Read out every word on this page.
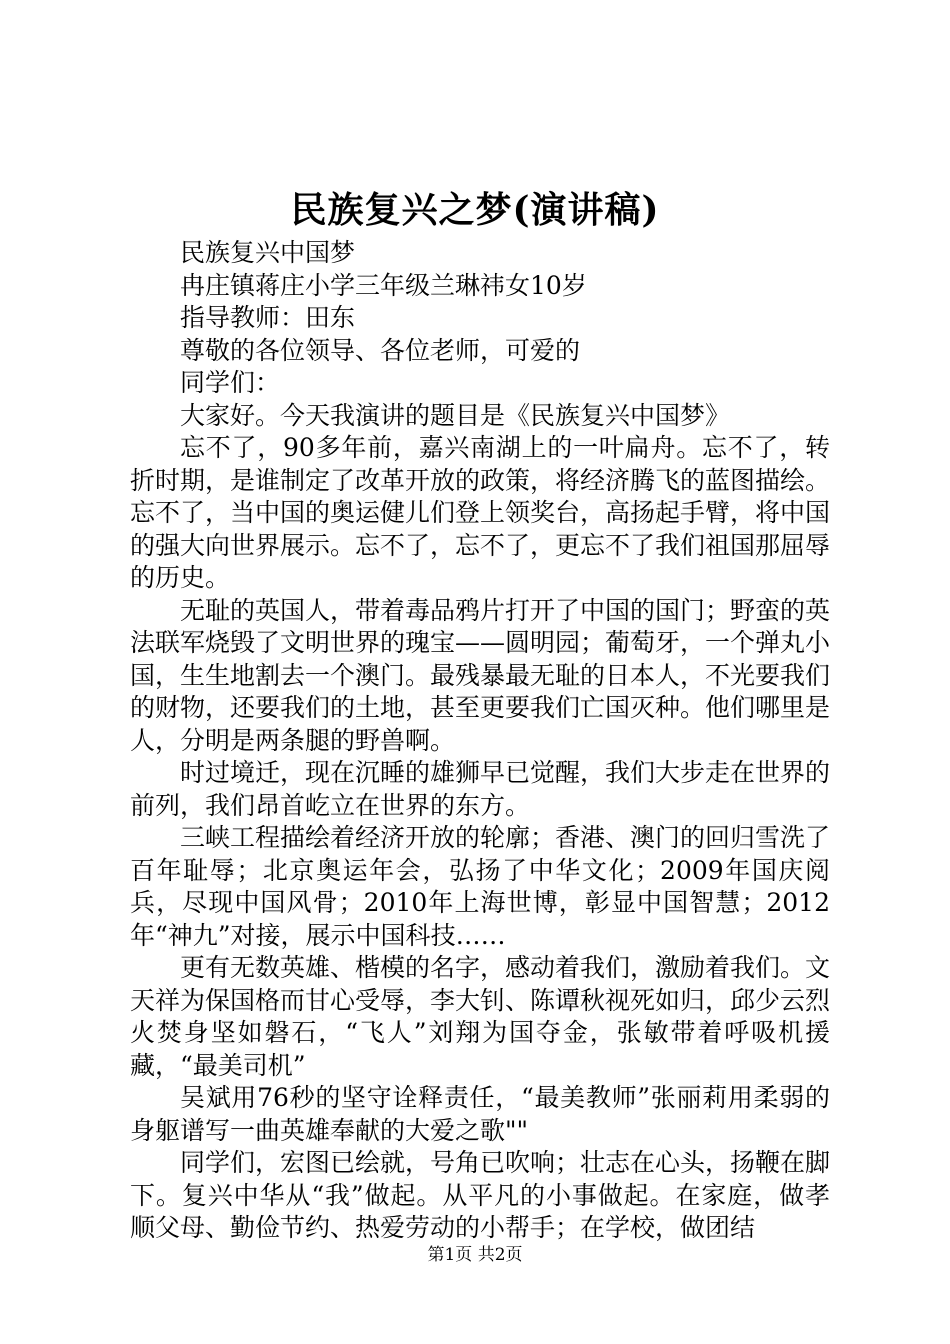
民族复兴之梦(演讲稿)

民族复兴中国梦

冉庄镇蒋庄小学三年级兰琳祎女10岁

指导教师：田东

尊敬的各位领导、各位老师，可爱的

同学们：

大家好。今天我演讲的题目是《民族复兴中国梦》

忘不了，90多年前，嘉兴南湖上的一叶扁舟。忘不了，转折时期，是谁制定了改革开放的政策，将经济腾飞的蓝图描绘。忘不了，当中国的奥运健儿们登上领奖台，高扬起手臂，将中国的强大向世界展示。忘不了，忘不了，更忘不了我们祖国那屈辱的历史。

无耻的英国人，带着毒品鸦片打开了中国的国门；野蛮的英法联军烧毁了文明世界的瑰宝——圆明园；葡萄牙，一个弹丸小国，生生地割去一个澳门。最残暴最无耻的日本人，不光要我们的财物，还要我们的土地，甚至更要我们亡国灭种。他们哪里是人，分明是两条腿的野兽啊。

时过境迁，现在沉睡的雄狮早已觉醒，我们大步走在世界的前列，我们昂首屹立在世界的东方。

三峡工程描绘着经济开放的轮廓；香港、澳门的回归雪洗了百年耻辱；北京奥运年会，弘扬了中华文化；2009年国庆阅兵，尽现中国风骨；2010年上海世博，彰显中国智慧；2012年“神九”对接，展示中国科技……

更有无数英雄、楷模的名字，感动着我们，激励着我们。文天祥为保国格而甘心受辱，李大钊、陈谭秋视死如归，邱少云烈火焚身坚如磐石，“飞人”刘翔为国夺金，张敏带着呼吸机援藏，“最美司机”

吴斌用76秒的坚守诠释责任，“最美教师”张丽莉用柔弱的身躯谱写一曲英雄奉献的大爱之歌""

同学们，宏图已绘就，号角已吹响；壮志在心头，扬鞭在脚下。复兴中华从“我”做起。从平凡的小事做起。在家庭，做孝顺父母、勤俭节约、热爱劳动的小帮手；在学校，做团结

第1页 共2页
